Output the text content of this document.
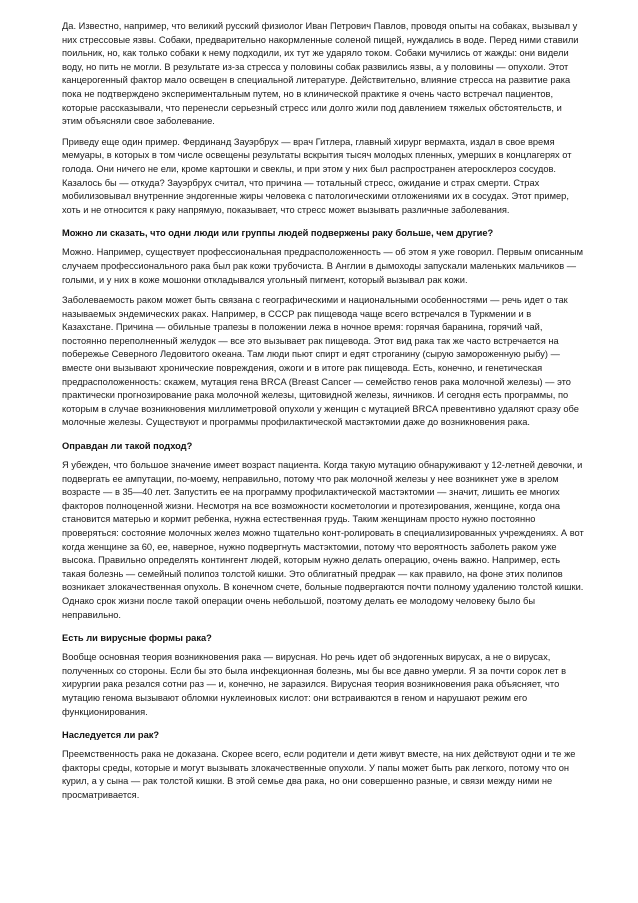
Да. Известно, например, что великий русский физиолог Иван Петрович Павлов, проводя опыты на собаках, вызывал у них стрессовые язвы. Собаки, предварительно накормленные соленой пищей, нуждались в воде. Перед ними ставили поильник, но, как только собаки к нему подходили, их тут же ударяло током. Собаки мучились от жажды: они видели воду, но пить не могли. В результате из-за стресса у половины собак развились язвы, а у половины — опухоли. Этот канцерогенный фактор мало освещен в специальной литературе. Действительно, влияние стресса на развитие рака пока не подтверждено экспериментальным путем, но в клинической практике я очень часто встречал пациентов, которые рассказывали, что перенесли серьезный стресс или долго жили под давлением тяжелых обстоятельств, и этим объясняли свое заболевание.

Приведу еще один пример. Фердинанд Зауэрбрух — врач Гитлера, главный хирург вермахта, издал в свое время мемуары, в которых в том числе освещены результаты вскрытия тысяч молодых пленных, умерших в концлагерях от голода. Они ничего не ели, кроме картошки и свеклы, и при этом у них был распространен атеросклероз сосудов. Казалось бы — откуда? Зауэрбрух считал, что причина — тотальный стресс, ожидание и страх смерти. Страх мобилизовывал внутренние эндогенные жиры человека с патологическими отложениями их в сосудах. Этот пример, хоть и не относится к раку напрямую, показывает, что стресс может вызывать различные заболевания.

Можно ли сказать, что одни люди или группы людей подвержены раку больше, чем другие?

Можно. Например, существует профессиональная предрасположенность — об этом я уже говорил. Первым описанным случаем профессионального рака был рак кожи трубочиста. В Англии в дымоходы запускали маленьких мальчиков — голыми, и у них в коже мошонки откладывался угольный пигмент, который вызывал рак кожи.

Заболеваемость раком может быть связана с географическими и национальными особенностями — речь идет о так называемых эндемических раках. Например, в СССР рак пищевода чаще всего встречался в Туркмении и в Казахстане. Причина — обильные трапезы в положении лежа в ночное время: горячая баранина, горячий чай, постоянно переполненный желудок — все это вызывает рак пищевода. Этот вид рака так же часто встречается на побережье Северного Ледовитого океана. Там люди пьют спирт и едят строганину (сырую замороженную рыбу) — вместе они вызывают хронические повреждения, ожоги и в итоге рак пищевода. Есть, конечно, и генетическая предрасположенность: скажем, мутация гена BRCA (Breast Cancer — семейство генов рака молочной железы) — это практически прогнозирование рака молочной железы, щитовидной железы, яичников. И сегодня есть программы, по которым в случае возникновения миллиметровой опухоли у женщин с мутацией BRCA превентивно удаляют сразу обе молочные железы. Существуют и программы профилактической мастэктомии даже до возникновения рака.

Оправдан ли такой подход?

Я убежден, что большое значение имеет возраст пациента. Когда такую мутацию обнаруживают у 12-летней девочки, и подвергать ее ампутации, по-моему, неправильно, потому что рак молочной железы у нее возникнет уже в зрелом возрасте — в 35—40 лет. Запустить ее на программу профилактической мастэктомии — значит, лишить ее многих факторов полноценной жизни. Несмотря на все возможности косметологии и протезирования, женщине, когда она становится матерью и кормит ребенка, нужна естественная грудь. Таким женщинам просто нужно постоянно проверяться: состояние молочных желез можно тщательно конт-ролировать в специализированных учреждениях. А вот когда женщине за 60, ее, наверное, нужно подвергнуть мастэктомии, потому что вероятность заболеть раком уже высока. Правильно определять контингент людей, которым нужно делать операцию, очень важно. Например, есть такая болезнь — семейный полипоз толстой кишки. Это облигатный предрак — как правило, на фоне этих полипов возникает злокачественная опухоль. В конечном счете, больные подвергаются почти полному удалению толстой кишки. Однако срок жизни после такой операции очень небольшой, поэтому делать ее молодому человеку было бы неправильно.

Есть ли вирусные формы рака?

Вообще основная теория возникновения рака — вирусная. Но речь идет об эндогенных вирусах, а не о вирусах, полученных со стороны. Если бы это была инфекционная болезнь, мы бы все давно умерли. Я за почти сорок лет в хирургии рака резался сотни раз — и, конечно, не заразился. Вирусная теория возникновения рака объясняет, что мутацию генома вызывают обломки нуклеиновых кислот: они встраиваются в геном и нарушают режим его функционирования.

Наследуется ли рак?

Преемственность рака не доказана. Скорее всего, если родители и дети живут вместе, на них действуют одни и те же факторы среды, которые и могут вызывать злокачественные опухоли. У папы может быть рак легкого, потому что он курил, а у сына — рак толстой кишки. В этой семье два рака, но они совершенно разные, и связи между ними не просматривается.
